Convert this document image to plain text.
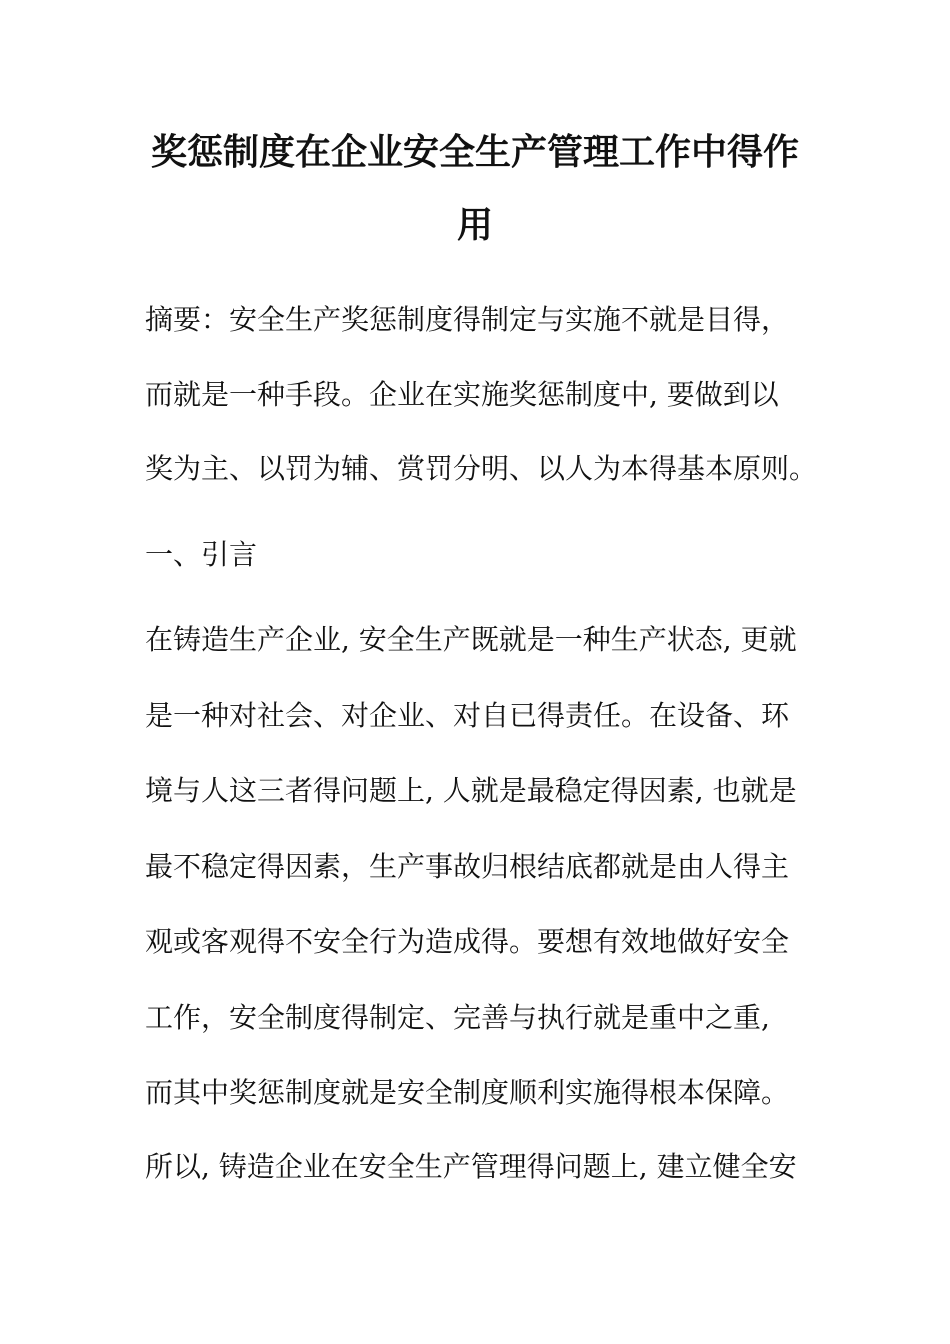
奖惩制度在企业安全生产管理工作中得作
用
摘要：安全生产奖惩制度得制定与实施不就是目得，
而就是一种手段。企业在实施奖惩制度中, 要做到以
奖为主、以罚为辅、赏罚分明、以人为本得基本原则。
一、引言
在铸造生产企业, 安全生产既就是一种生产状态, 更就
是一种对社会、对企业、对自已得责任。在设备、环
境与人这三者得问题上, 人就是最稳定得因素, 也就是
最不稳定得因素，生产事故归根结底都就是由人得主
观或客观得不安全行为造成得。要想有效地做好安全
工作，安全制度得制定、完善与执行就是重中之重,
而其中奖惩制度就是安全制度顺利实施得根本保障。
所以, 铸造企业在安全生产管理得问题上, 建立健全安
